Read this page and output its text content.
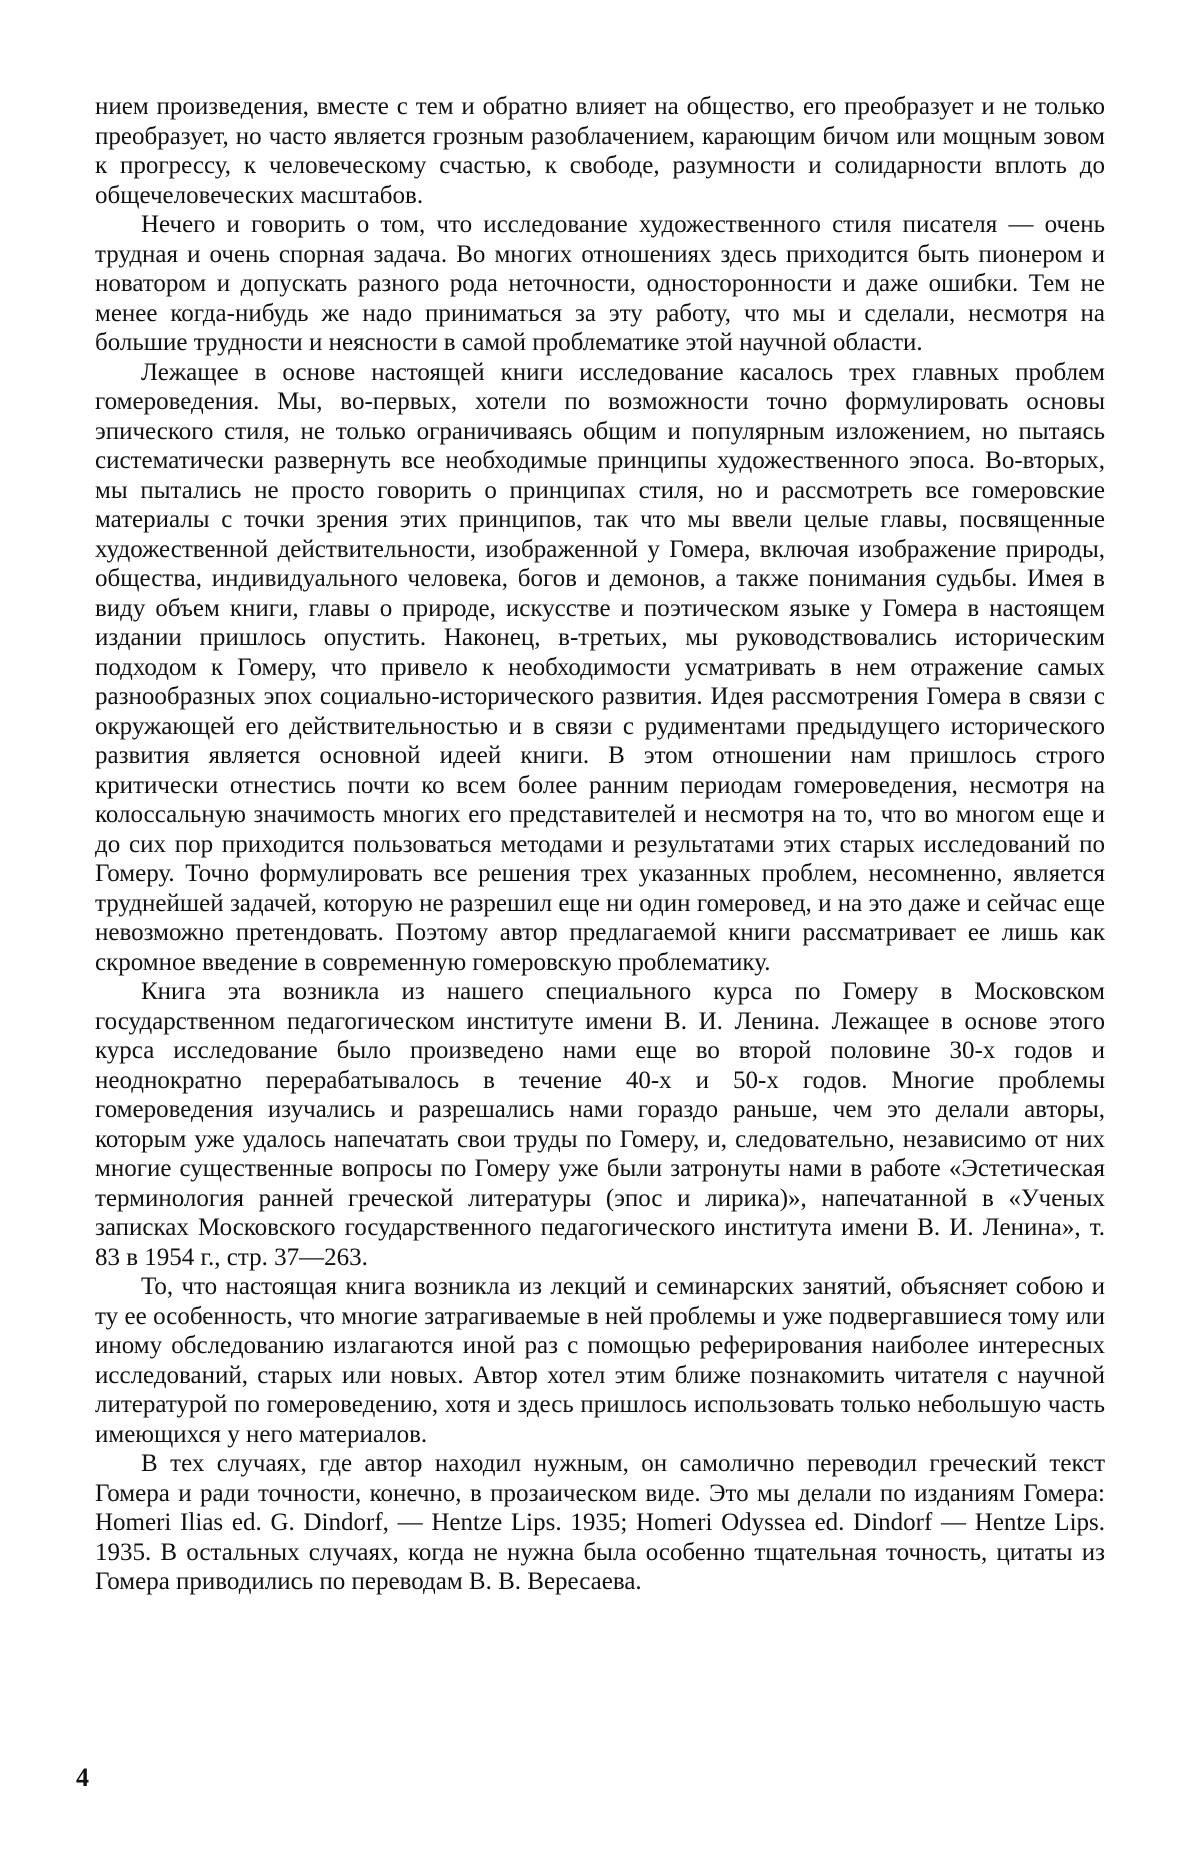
нием произведения, вместе с тем и обратно влияет на общество, его преобразует и не только преобразует, но часто является грозным разоблачением, карающим бичом или мощным зовом к прогрессу, к человеческому счастью, к свободе, разумности и солидарности вплоть до общечеловеческих масштабов.

Нечего и говорить о том, что исследование художественного стиля писателя — очень трудная и очень спорная задача. Во многих отношениях здесь приходится быть пионером и новатором и допускать разного рода неточности, односторонности и даже ошибки. Тем не менее когда-нибудь же надо приниматься за эту работу, что мы и сделали, несмотря на большие трудности и неясности в самой проблематике этой научной области.

Лежащее в основе настоящей книги исследование касалось трех главных проблем гомероведения. Мы, во-первых, хотели по возможности точно формулировать основы эпического стиля, не только ограничиваясь общим и популярным изложением, но пытаясь систематически развернуть все необходимые принципы художественного эпоса. Во-вторых, мы пытались не просто говорить о принципах стиля, но и рассмотреть все гомеровские материалы с точки зрения этих принципов, так что мы ввели целые главы, посвященные художественной действительности, изображенной у Гомера, включая изображение природы, общества, индивидуального человека, богов и демонов, а также понимания судьбы. Имея в виду объем книги, главы о природе, искусстве и поэтическом языке у Гомера в настоящем издании пришлось опустить. Наконец, в-третьих, мы руководствовались историческим подходом к Гомеру, что привело к необходимости усматривать в нем отражение самых разнообразных эпох социально-исторического развития. Идея рассмотрения Гомера в связи с окружающей его действительностью и в связи с рудиментами предыдущего исторического развития является основной идеей книги. В этом отношении нам пришлось строго критически отнестись почти ко всем более ранним периодам гомероведения, несмотря на колоссальную значимость многих его представителей и несмотря на то, что во многом еще и до сих пор приходится пользоваться методами и результатами этих старых исследований по Гомеру. Точно формулировать все решения трех указанных проблем, несомненно, является труднейшей задачей, которую не разрешил еще ни один гомеровед, и на это даже и сейчас еще невозможно претендовать. Поэтому автор предлагаемой книги рассматривает ее лишь как скромное введение в современную гомеровскую проблематику.

Книга эта возникла из нашего специального курса по Гомеру в Московском государственном педагогическом институте имени В. И. Ленина. Лежащее в основе этого курса исследование было произведено нами еще во второй половине 30-х годов и неоднократно перерабатывалось в течение 40-х и 50-х годов. Многие проблемы гомероведения изучались и разрешались нами гораздо раньше, чем это делали авторы, которым уже удалось напечатать свои труды по Гомеру, и, следовательно, независимо от них многие существенные вопросы по Гомеру уже были затронуты нами в работе «Эстетическая терминология ранней греческой литературы (эпос и лирика)», напечатанной в «Ученых записках Московского государственного педагогического института имени В. И. Ленина», т. 83 в 1954 г., стр. 37—263.

То, что настоящая книга возникла из лекций и семинарских занятий, объясняет собою и ту ее особенность, что многие затрагиваемые в ней проблемы и уже подвергавшиеся тому или иному обследованию излагаются иной раз с помощью реферирования наиболее интересных исследований, старых или новых. Автор хотел этим ближе познакомить читателя с научной литературой по гомероведению, хотя и здесь пришлось использовать только небольшую часть имеющихся у него материалов.

В тех случаях, где автор находил нужным, он самолично переводил греческий текст Гомера и ради точности, конечно, в прозаическом виде. Это мы делали по изданиям Гомера: Homeri Ilias ed. G. Dindorf, — Hentze Lips. 1935; Homeri Odyssea ed. Dindorf — Hentze Lips. 1935. В остальных случаях, когда не нужна была особенно тщательная точность, цитаты из Гомера приводились по переводам В. В. Вересаева.

4
